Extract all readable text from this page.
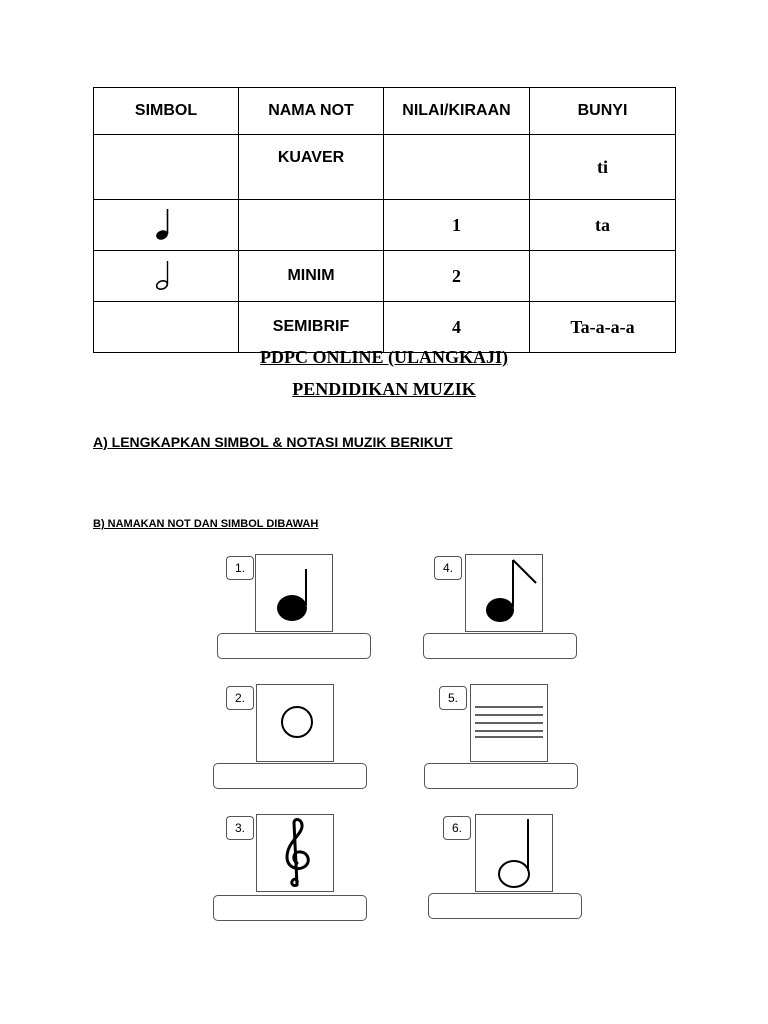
SIMBOL	NAMA NOT	NILAI/KIRAAN	BUNYI
	KUAVER		ti

		1	ta

	MINIM	2	
	SEMIBRIF	4	Ta-a-a-a
PDPC ONLINE (ULANGKAJI)
PENDIDIKAN MUZIK
A) LENGKAPKAN SIMBOL & NOTASI MUZIK BERIKUT
B) NAMAKAN NOT DAN SIMBOL DIBAWAH
1.
2.
3.
4.
5.
6.
